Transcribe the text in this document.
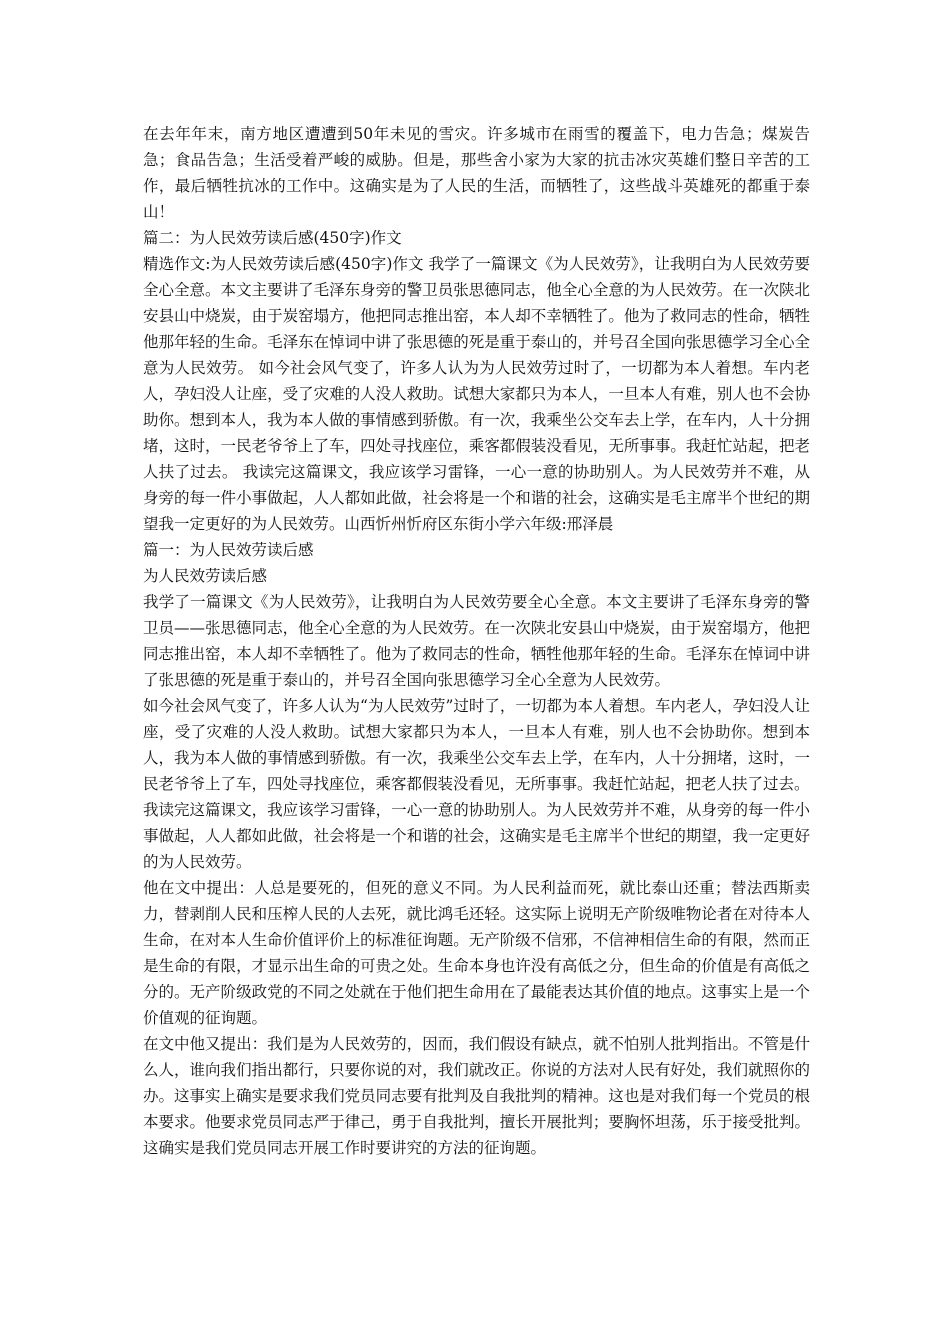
在去年年末，南方地区遭遭到50年未见的雪灾。许多城市在雨雪的覆盖下，电力告急；煤炭告急；食品告急；生活受着严峻的威胁。但是，那些舍小家为大家的抗击冰灾英雄们整日辛苦的工作，最后牺牲抗冰的工作中。这确实是为了人民的生活，而牺牲了，这些战斗英雄死的都重于泰山！

篇二：为人民效劳读后感(450字)作文

精选作文:为人民效劳读后感(450字)作文 我学了一篇课文《为人民效劳》，让我明白为人民效劳要全心全意。本文主要讲了毛泽东身旁的警卫员张思德同志，他全心全意的为人民效劳。在一次陕北安县山中烧炭，由于炭窑塌方，他把同志推出窑，本人却不幸牺牲了。他为了救同志的性命，牺牲他那年轻的生命。毛泽东在悼词中讲了张思德的死是重于泰山的，并号召全国向张思德学习全心全意为人民效劳。 如今社会风气变了，许多人认为为人民效劳过时了，一切都为本人着想。车内老人，孕妇没人让座，受了灾难的人没人救助。试想大家都只为本人，一旦本人有难，别人也不会协助你。想到本人，我为本人做的事情感到骄傲。有一次，我乘坐公交车去上学，在车内，人十分拥堵，这时，一民老爷爷上了车，四处寻找座位，乘客都假装没看见，无所事事。我赶忙站起，把老人扶了过去。 我读完这篇课文，我应该学习雷锋，一心一意的协助别人。为人民效劳并不难，从身旁的每一件小事做起，人人都如此做，社会将是一个和谐的社会，这确实是毛主席半个世纪的期望我一定更好的为人民效劳。山西忻州忻府区东街小学六年级:邢泽晨

篇一：为人民效劳读后感

为人民效劳读后感

我学了一篇课文《为人民效劳》，让我明白为人民效劳要全心全意。本文主要讲了毛泽东身旁的警卫员——张思德同志，他全心全意的为人民效劳。在一次陕北安县山中烧炭，由于炭窑塌方，他把同志推出窑，本人却不幸牺牲了。他为了救同志的性命，牺牲他那年轻的生命。毛泽东在悼词中讲了张思德的死是重于泰山的，并号召全国向张思德学习全心全意为人民效劳。

如今社会风气变了，许多人认为“为人民效劳”过时了，一切都为本人着想。车内老人，孕妇没人让座，受了灾难的人没人救助。试想大家都只为本人，一旦本人有难，别人也不会协助你。想到本人，我为本人做的事情感到骄傲。有一次，我乘坐公交车去上学，在车内，人十分拥堵，这时，一民老爷爷上了车，四处寻找座位，乘客都假装没看见，无所事事。我赶忙站起，把老人扶了过去。

我读完这篇课文，我应该学习雷锋，一心一意的协助别人。为人民效劳并不难，从身旁的每一件小事做起，人人都如此做，社会将是一个和谐的社会，这确实是毛主席半个世纪的期望，我一定更好的为人民效劳。

他在文中提出：人总是要死的，但死的意义不同。为人民利益而死，就比泰山还重；替法西斯卖力，替剥削人民和压榨人民的人去死，就比鸿毛还轻。这实际上说明无产阶级唯物论者在对待本人生命，在对本人生命价值评价上的标准征询题。无产阶级不信邪，不信神相信生命的有限，然而正是生命的有限，才显示出生命的可贵之处。生命本身也许没有高低之分，但生命的价值是有高低之分的。无产阶级政党的不同之处就在于他们把生命用在了最能表达其价值的地点。这事实上是一个价值观的征询题。

在文中他又提出：我们是为人民效劳的，因而，我们假设有缺点，就不怕别人批判指出。不管是什么人，谁向我们指出都行，只要你说的对，我们就改正。你说的方法对人民有好处，我们就照你的办。这事实上确实是要求我们党员同志要有批判及自我批判的精神。这也是对我们每一个党员的根本要求。他要求党员同志严于律己，勇于自我批判，擅长开展批判；要胸怀坦荡，乐于接受批判。这确实是我们党员同志开展工作时要讲究的方法的征询题。
